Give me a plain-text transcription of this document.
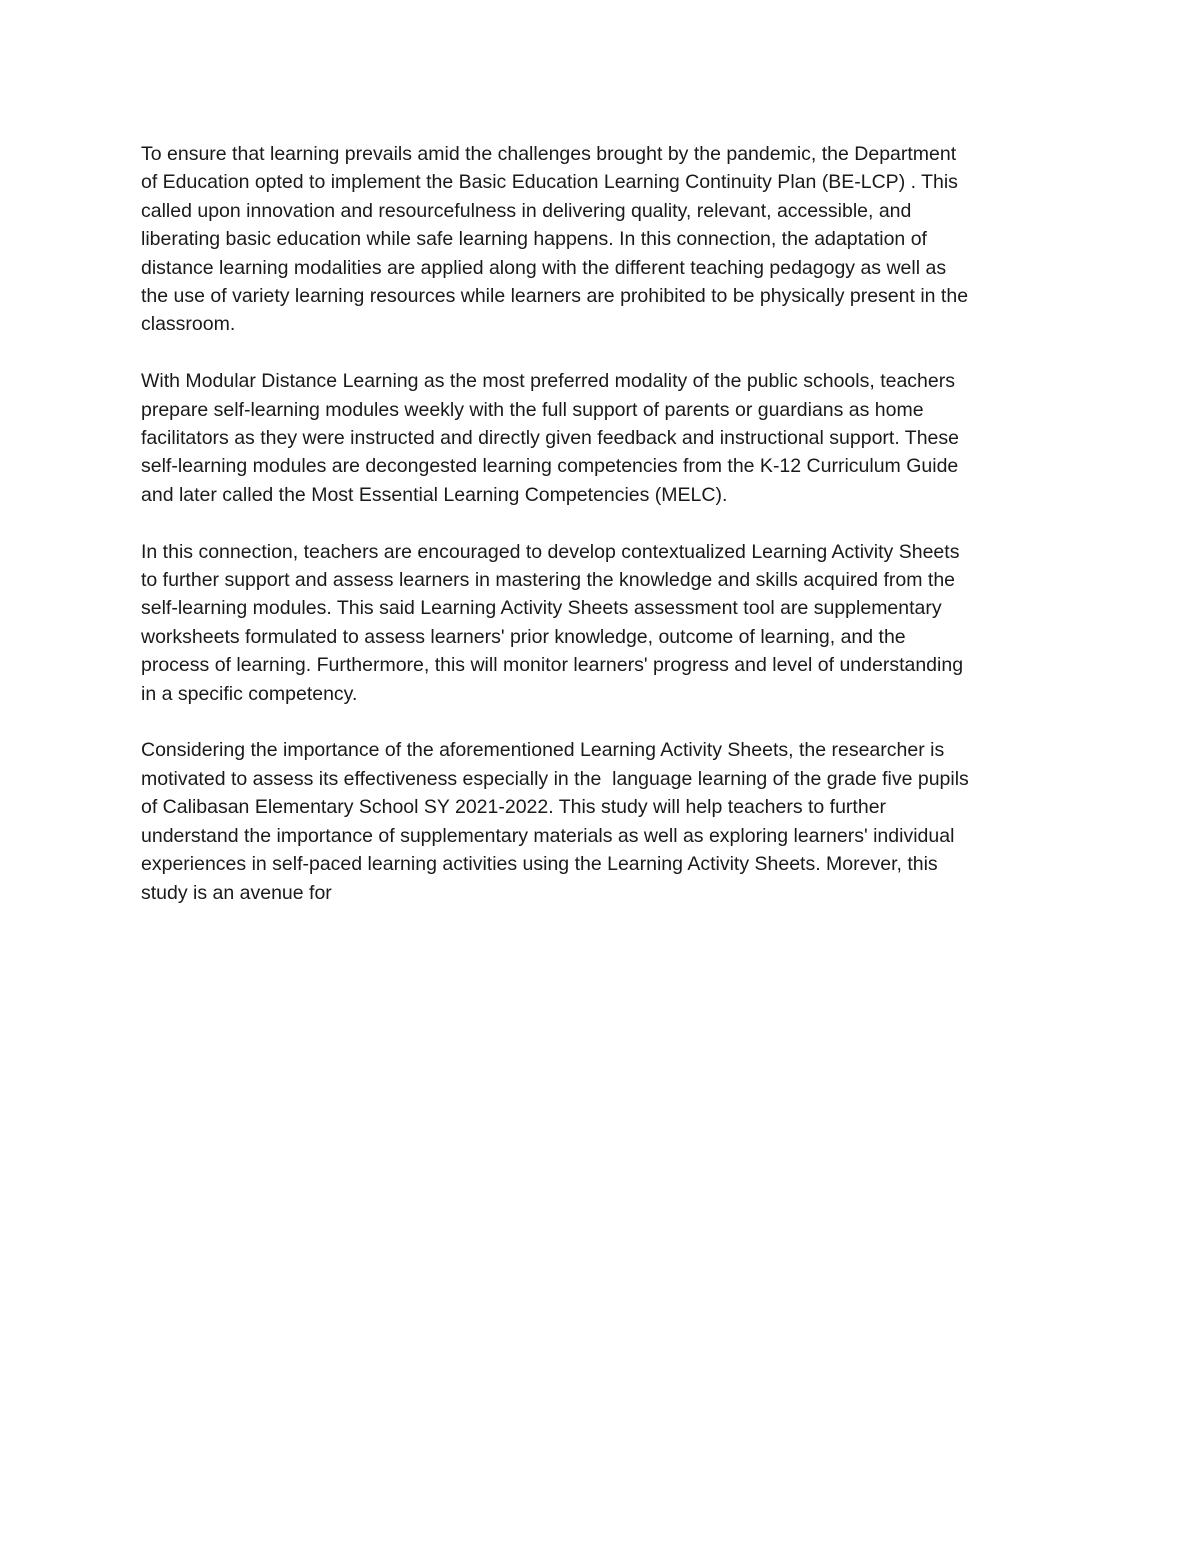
To ensure that learning prevails amid the challenges brought by the pandemic, the Department
of Education opted to implement the Basic Education Learning Continuity Plan (BE-LCP) . This
called upon innovation and resourcefulness in delivering quality, relevant, accessible, and
liberating basic education while safe learning happens. In this connection, the adaptation of
distance learning modalities are applied along with the different teaching pedagogy as well as
the use of variety learning resources while learners are prohibited to be physically present in the
classroom.

With Modular Distance Learning as the most preferred modality of the public schools, teachers
prepare self-learning modules weekly with the full support of parents or guardians as home
facilitators as they were instructed and directly given feedback and instructional support. These
self-learning modules are decongested learning competencies from the K-12 Curriculum Guide
and later called the Most Essential Learning Competencies (MELC).

In this connection, teachers are encouraged to develop contextualized Learning Activity Sheets
to further support and assess learners in mastering the knowledge and skills acquired from the
self-learning modules. This said Learning Activity Sheets assessment tool are supplementary
worksheets formulated to assess learners' prior knowledge, outcome of learning, and the
process of learning. Furthermore, this will monitor learners' progress and level of understanding
in a specific competency.

Considering the importance of the aforementioned Learning Activity Sheets, the researcher is
motivated to assess its effectiveness especially in the  language learning of the grade five pupils
of Calibasan Elementary School SY 2021-2022. This study will help teachers to further
understand the importance of supplementary materials as well as exploring learners' individual
experiences in self-paced learning activities using the Learning Activity Sheets. Morever, this
study is an avenue for
